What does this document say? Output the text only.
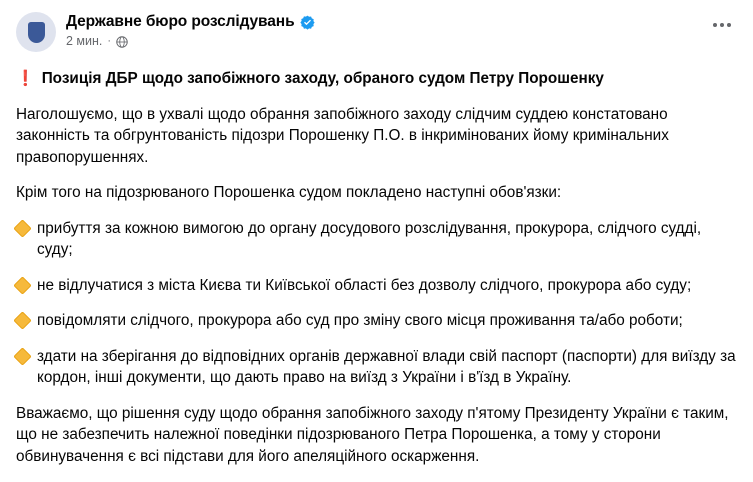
Державне бюро розслідувань
2 мин. ·
❗ Позиція ДБР щодо запобіжного заходу, обраного судом Петру Порошенку

Наголошуємо, що в ухвалі щодо обрання запобіжного заходу слідчим суддею констатовано законність та обгрунтованість підозри Порошенку П.О. в інкримінованих йому кримінальних правопорушеннях.

Крім того на підозрюваного Порошенка судом покладено наступні обов'язки:

прибуття за кожною вимогою до органу досудового розслідування, прокурора, слідчого судді, суду;
не відлучатися з міста Києва ти Київської області без дозволу слідчого, прокурора або суду;
повідомляти слідчого, прокурора або суд про зміну свого місця проживання та/або роботи;
здати на зберігання до відповідних органів державної влади свій паспорт (паспорти) для виїзду за кордон, інші документи, що дають право на виїзд з України і в'їзд в Україну.

Вважаємо, що рішення суду щодо обрання запобіжного заходу п'ятому Президенту України є таким, що не забезпечить належної поведінки підозрюваного Петра Порошенка, а тому у сторони обвинувачення є всі підстави для його апеляційного оскарження.
